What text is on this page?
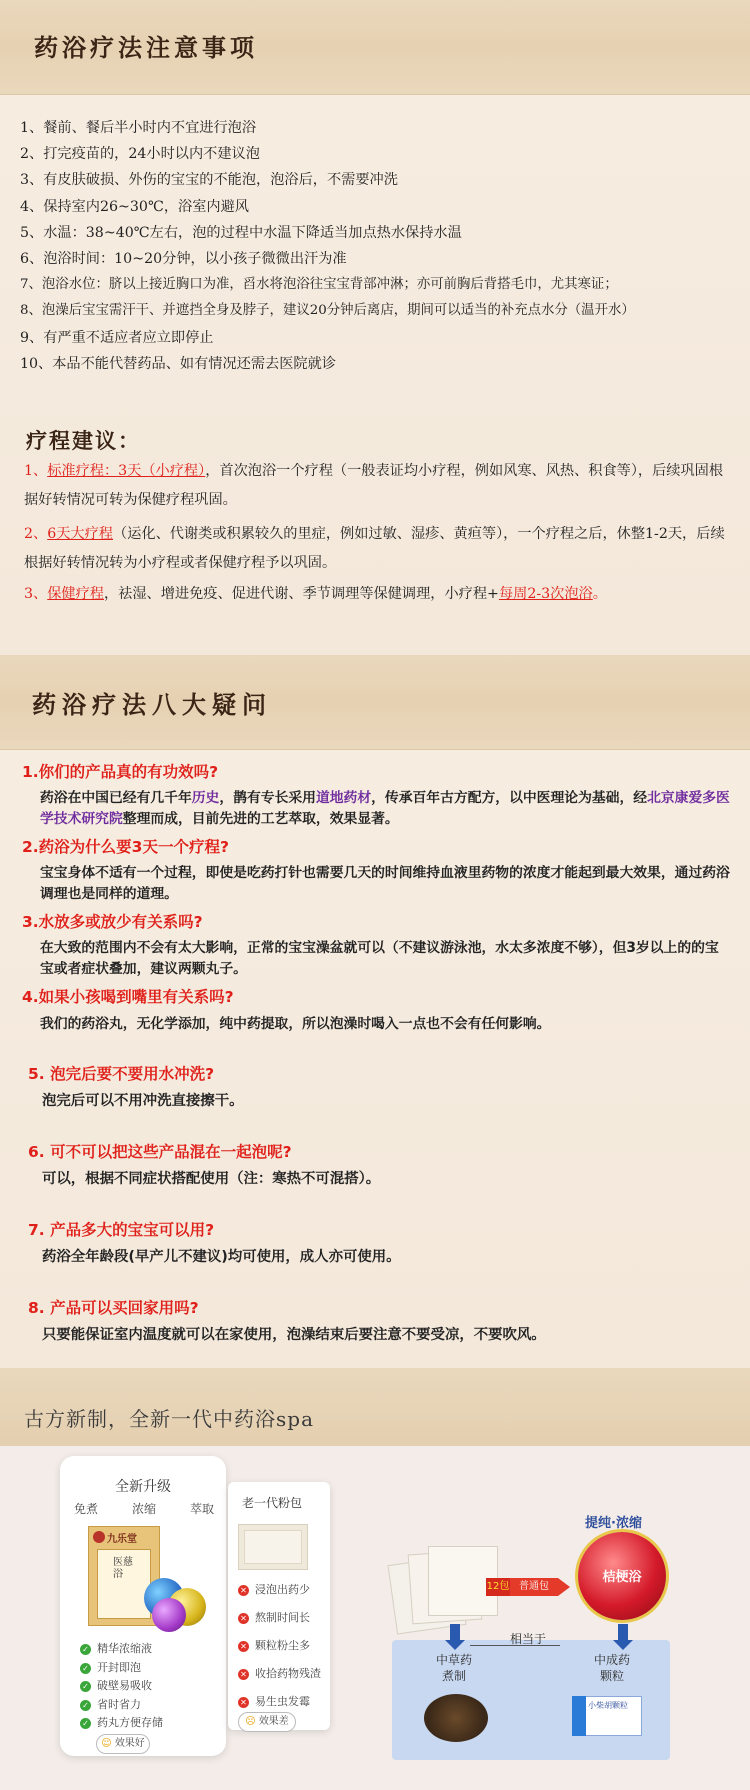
药浴疗法注意事项
1、餐前、餐后半小时内不宜进行泡浴
2、打完疫苗的，24小时以内不建议泡
3、有皮肤破损、外伤的宝宝的不能泡，泡浴后，不需要冲洗
4、保持室内26~30℃，浴室内避风
5、水温：38~40℃左右，泡的过程中水温下降适当加点热水保持水温
6、泡浴时间：10~20分钟，以小孩子微微出汗为准
7、泡浴水位：脐以上接近胸口为准，舀水将泡浴往宝宝背部冲淋；亦可前胸后背搭毛巾，尤其寒证；
8、泡澡后宝宝需汗干、并遮挡全身及脖子，建议20分钟后离店，期间可以适当的补充点水分（温开水）
9、有严重不适应者应立即停止
10、本品不能代替药品、如有情况还需去医院就诊
疗程建议：
1、标准疗程：3天（小疗程），首次泡浴一个疗程（一般表证均小疗程，例如风寒、风热、积食等），后续巩固根据好转情况可转为保健疗程巩固。
2、6天大疗程（运化、代谢类或积累较久的里症，例如过敏、湿疹、黄疸等），一个疗程之后，休整1-2天，后续根据好转情况转为小疗程或者保健疗程予以巩固。
3、保健疗程，祛湿、增进免疫、促进代谢、季节调理等保健调理，小疗程+每周2-3次泡浴。
药浴疗法八大疑问
1.你们的产品真的有功效吗?
药浴在中国已经有几千年历史，鹊有专长采用道地药材，传承百年古方配方，以中医理论为基础，经北京康爱多医学技术研究院整理而成，目前先进的工艺萃取，效果显著。
2.药浴为什么要3天一个疗程?
宝宝身体不适有一个过程，即使是吃药打针也需要几天的时间维持血液里药物的浓度才能起到最大效果，通过药浴调理也是同样的道理。
3.水放多或放少有关系吗?
在大致的范围内不会有太大影响，正常的宝宝澡盆就可以（不建议游泳池，水太多浓度不够），但3岁以上的的宝宝或者症状叠加，建议两颗丸子。
4.如果小孩喝到嘴里有关系吗?
我们的药浴丸，无化学添加，纯中药提取，所以泡澡时喝入一点也不会有任何影响。
5. 泡完后要不要用水冲洗?
泡完后可以不用冲洗直接擦干。
6. 可不可以把这些产品混在一起泡呢?
可以，根据不同症状搭配使用（注：寒热不可混搭）。
7. 产品多大的宝宝可以用?
药浴全年龄段(早产儿不建议)均可使用，成人亦可使用。
8. 产品可以买回家用吗?
只要能保证室内温度就可以在家使用，泡澡结束后要注意不要受凉，不要吹风。
古方新制，全新一代中药浴spa
全新升级
免煮	浓缩	萃取
九乐堂
医慈浴
✓ 精华浓缩液
✓ 开封即泡
✓ 破壁易吸收
✓ 省时省力
✓ 药丸方便存储
☺ 效果好
老一代粉包
✕ 浸泡出药少
✕ 熬制时间长
✕ 颗粒粉尘多
✕ 收拾药物残渣
✕ 易生虫发霉
☹ 效果差
提纯·浓缩
12包 普通包
桔梗浴
相当于
中草药
煮制
中成药
颗粒
小柴胡颗粒
